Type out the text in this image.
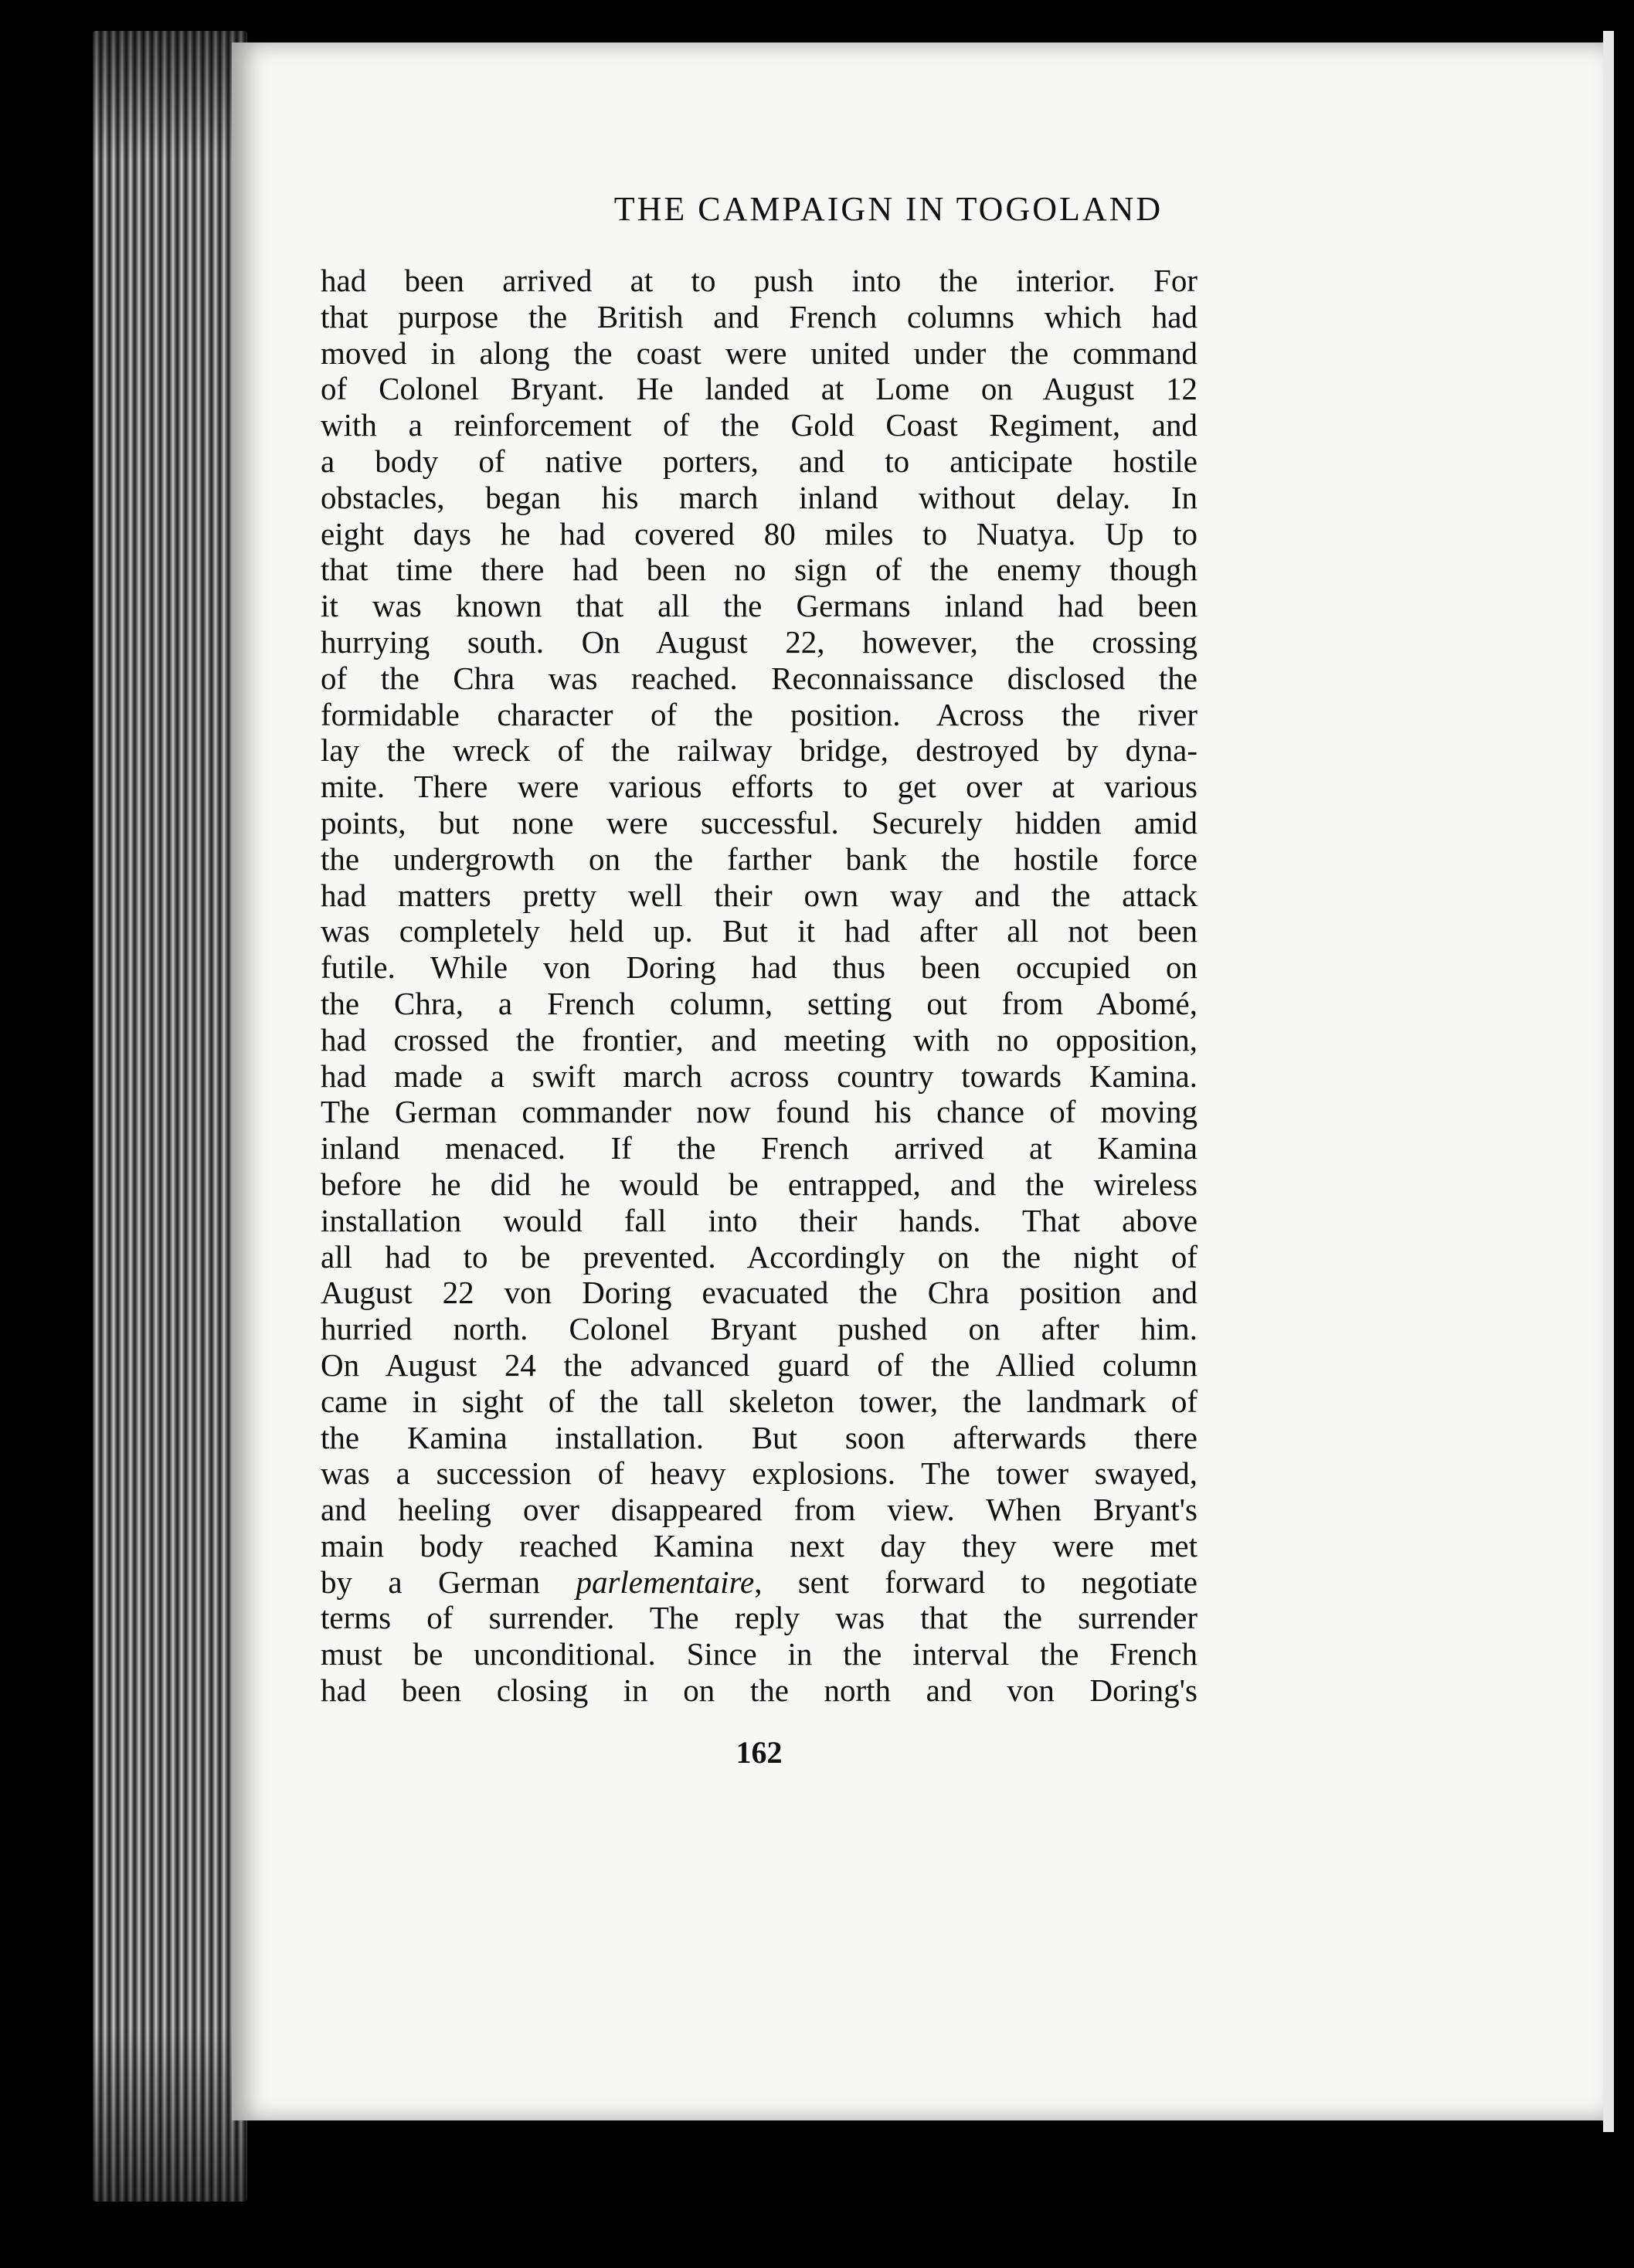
THE CAMPAIGN IN TOGOLAND
had been arrived at to push into the interior. For
that purpose the British and French columns which had
moved in along the coast were united under the command
of Colonel Bryant. He landed at Lome on August 12
with a reinforcement of the Gold Coast Regiment, and
a body of native porters, and to anticipate hostile
obstacles, began his march inland without delay. In
eight days he had covered 80 miles to Nuatya. Up to
that time there had been no sign of the enemy though
it was known that all the Germans inland had been
hurrying south. On August 22, however, the crossing
of the Chra was reached. Reconnaissance disclosed the
formidable character of the position. Across the river
lay the wreck of the railway bridge, destroyed by dyna-
mite. There were various efforts to get over at various
points, but none were successful. Securely hidden amid
the undergrowth on the farther bank the hostile force
had matters pretty well their own way and the attack
was completely held up. But it had after all not been
futile. While von Doring had thus been occupied on
the Chra, a French column, setting out from Abomé,
had crossed the frontier, and meeting with no opposition,
had made a swift march across country towards Kamina.
The German commander now found his chance of moving
inland menaced. If the French arrived at Kamina
before he did he would be entrapped, and the wireless
installation would fall into their hands. That above
all had to be prevented. Accordingly on the night of
August 22 von Doring evacuated the Chra position and
hurried north. Colonel Bryant pushed on after him.
On August 24 the advanced guard of the Allied column
came in sight of the tall skeleton tower, the landmark of
the Kamina installation. But soon afterwards there
was a succession of heavy explosions. The tower swayed,
and heeling over disappeared from view. When Bryant's
main body reached Kamina next day they were met
by a German parlementaire, sent forward to negotiate
terms of surrender. The reply was that the surrender
must be unconditional. Since in the interval the French
had been closing in on the north and von Doring's
162
